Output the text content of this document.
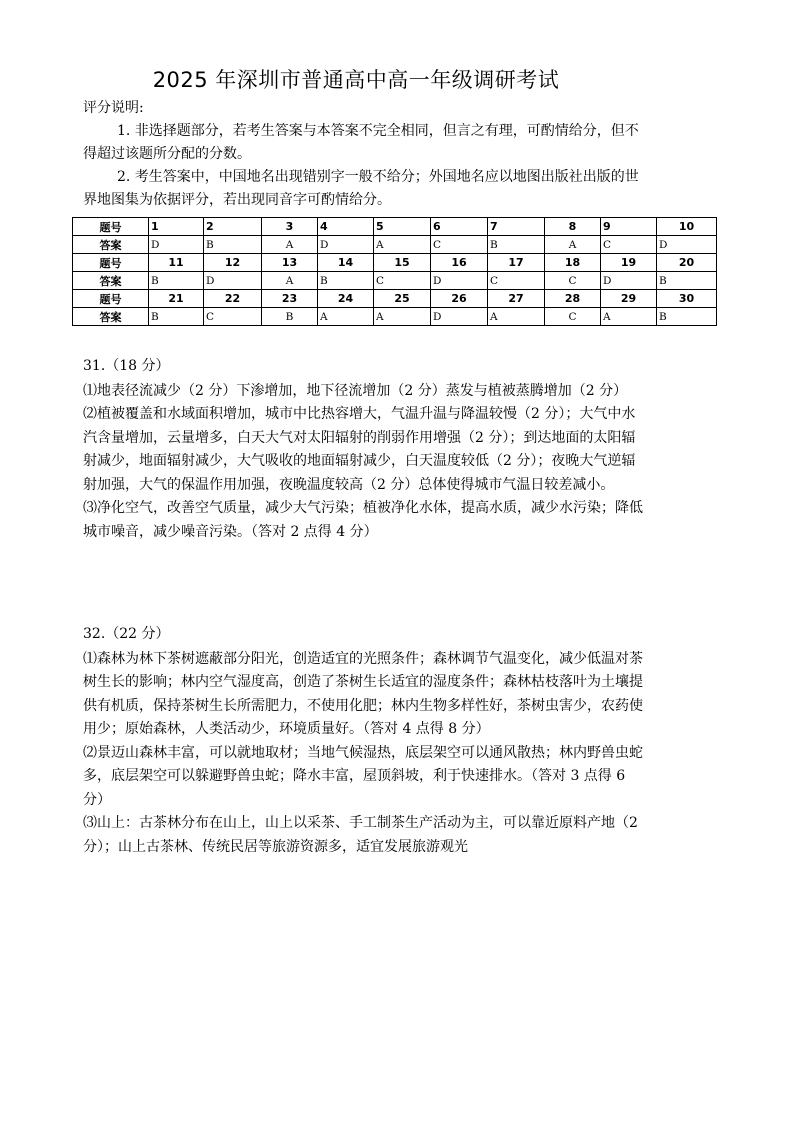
2025 年深圳市普通高中高一年级调研考试
评分说明:

1. 非选择题部分，若考生答案与本答案不完全相同，但言之有理，可酌情给分，但不得超过该题所分配的分数。

2. 考生答案中，中国地名出现错别字一般不给分；外国地名应以地图出版社出版的世界地图集为依据评分，若出现同音字可酌情给分。

题号	1	2	3	4	5	6	7	8	9	10
答案	D	B	A	D	A	C	B	A	C	D
题号	11	12	13	14	15	16	17	18	19	20
答案	B	D	A	B	C	D	C	C	D	B
题号	21	22	23	24	25	26	27	28	29	30
答案	B	C	B	A	A	D	A	C	A	B

31.（18 分）

⑴地表径流减少（2 分）下渗增加，地下径流增加（2 分）蒸发与植被蒸腾增加（2 分）

⑵植被覆盖和水域面积增加，城市中比热容增大，气温升温与降温较慢（2 分）；大气中水汽含量增加，云量增多，白天大气对太阳辐射的削弱作用增强（2 分）；到达地面的太阳辐射减少，地面辐射减少，大气吸收的地面辐射减少，白天温度较低（2 分）；夜晚大气逆辐射加强，大气的保温作用加强，夜晚温度较高（2 分）总体使得城市气温日较差减小。

⑶净化空气，改善空气质量，减少大气污染；植被净化水体，提高水质，减少水污染；降低城市噪音，减少噪音污染。（答对 2 点得 4 分）

32.（22 分）

⑴森林为林下茶树遮蔽部分阳光，创造适宜的光照条件；森林调节气温变化，减少低温对茶树生长的影响；林内空气湿度高，创造了茶树生长适宜的湿度条件；森林枯枝落叶为土壤提供有机质，保持茶树生长所需肥力，不使用化肥；林内生物多样性好，茶树虫害少，农药使用少；原始森林，人类活动少，环境质量好。（答对 4 点得 8 分）

⑵景迈山森林丰富，可以就地取材；当地气候湿热，底层架空可以通风散热；林内野兽虫蛇多，底层架空可以躲避野兽虫蛇；降水丰富，屋顶斜坡，利于快速排水。（答对 3 点得 6 分）

⑶山上：古茶林分布在山上，山上以采茶、手工制茶生产活动为主，可以靠近原料产地（2 分）；山上古茶林、传统民居等旅游资源多，适宜发展旅游观光
